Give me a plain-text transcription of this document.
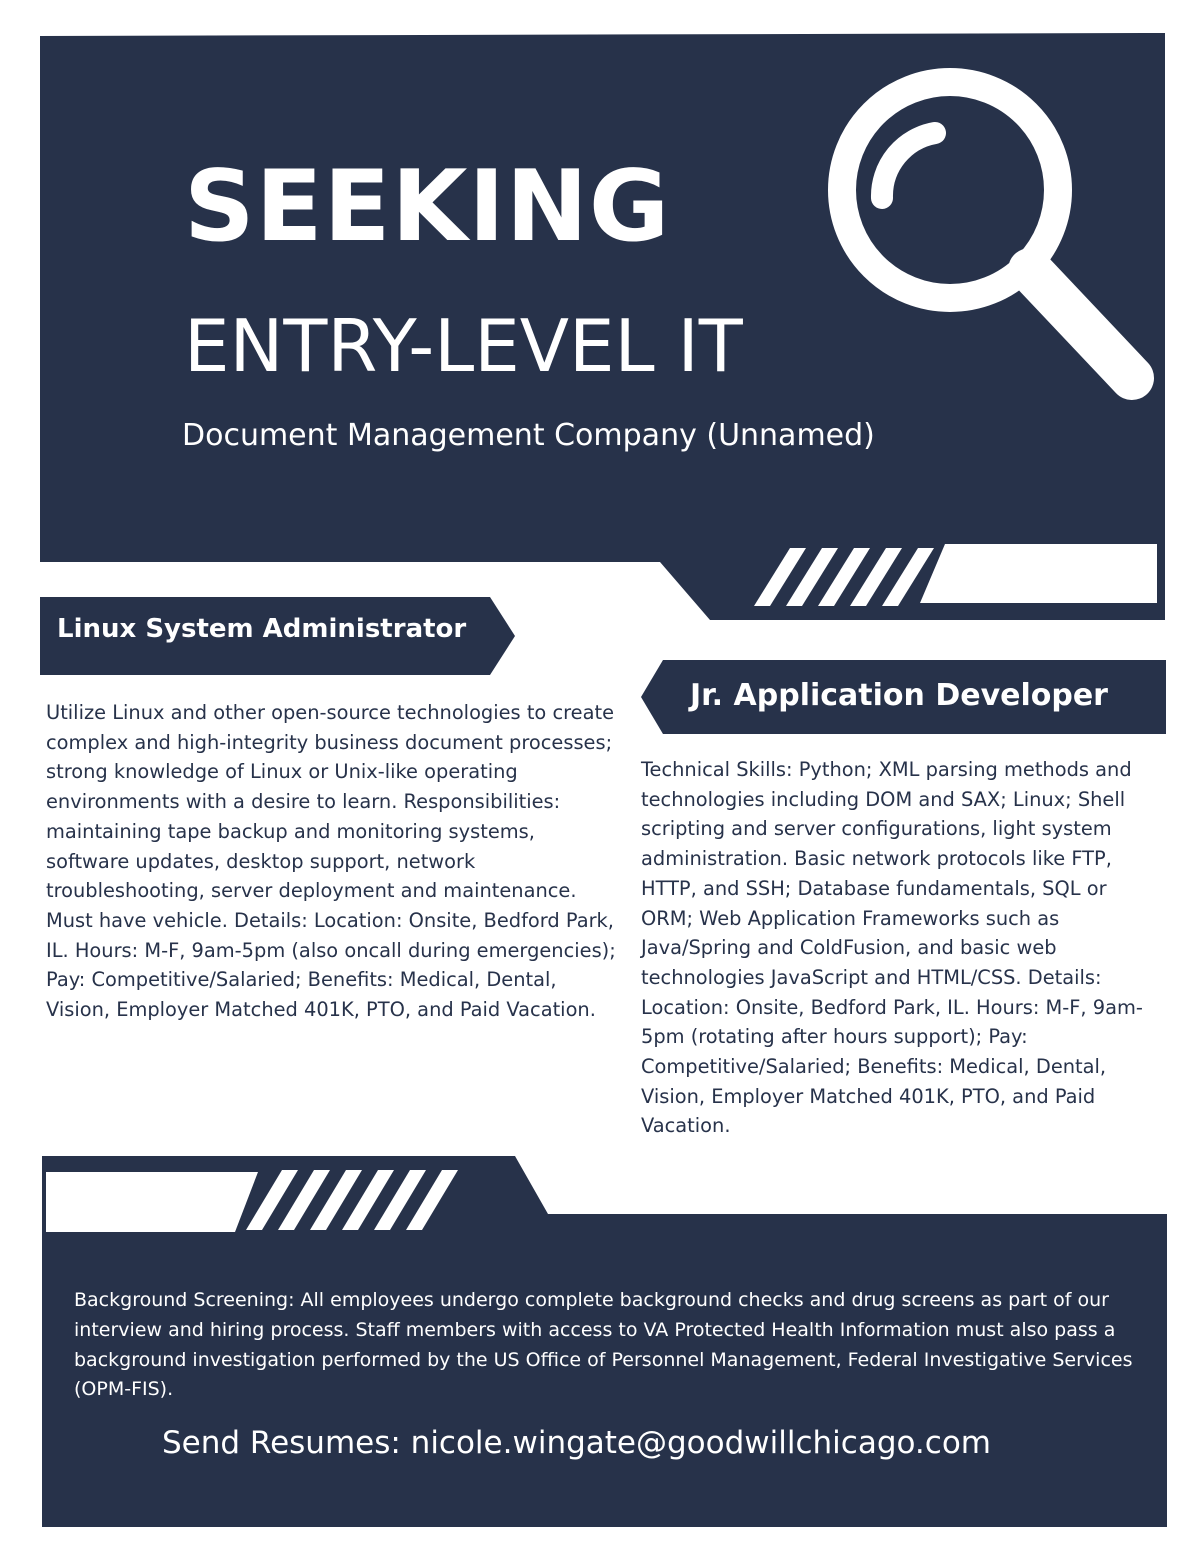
SEEKING
ENTRY-LEVEL IT

Document Management Company (Unnamed)

Linux System Administrator

Utilize Linux and other open-source technologies to create complex and high-integrity business document processes; strong knowledge of Linux or Unix-like operating environments with a desire to learn. Responsibilities: maintaining tape backup and monitoring systems, software updates, desktop support, network troubleshooting, server deployment and maintenance. Must have vehicle. Details: Location: Onsite, Bedford Park, IL. Hours: M-F, 9am-5pm (also oncall during emergencies); Pay: Competitive/Salaried; Benefits: Medical, Dental, Vision, Employer Matched 401K, PTO, and Paid Vacation.

Jr. Application Developer

Technical Skills: Python; XML parsing methods and technologies including DOM and SAX; Linux; Shell scripting and server configurations, light system administration. Basic network protocols like FTP, HTTP, and SSH; Database fundamentals, SQL or ORM; Web Application Frameworks such as Java/Spring and ColdFusion, and basic web technologies JavaScript and HTML/CSS. Details: Location: Onsite, Bedford Park, IL. Hours: M-F, 9am-5pm (rotating after hours support); Pay: Competitive/Salaried; Benefits: Medical, Dental, Vision, Employer Matched 401K, PTO, and Paid Vacation.

Background Screening: All employees undergo complete background checks and drug screens as part of our interview and hiring process. Staff members with access to VA Protected Health Information must also pass a background investigation performed by the US Office of Personnel Management, Federal Investigative Services (OPM-FIS).

Send Resumes: nicole.wingate@goodwillchicago.com
